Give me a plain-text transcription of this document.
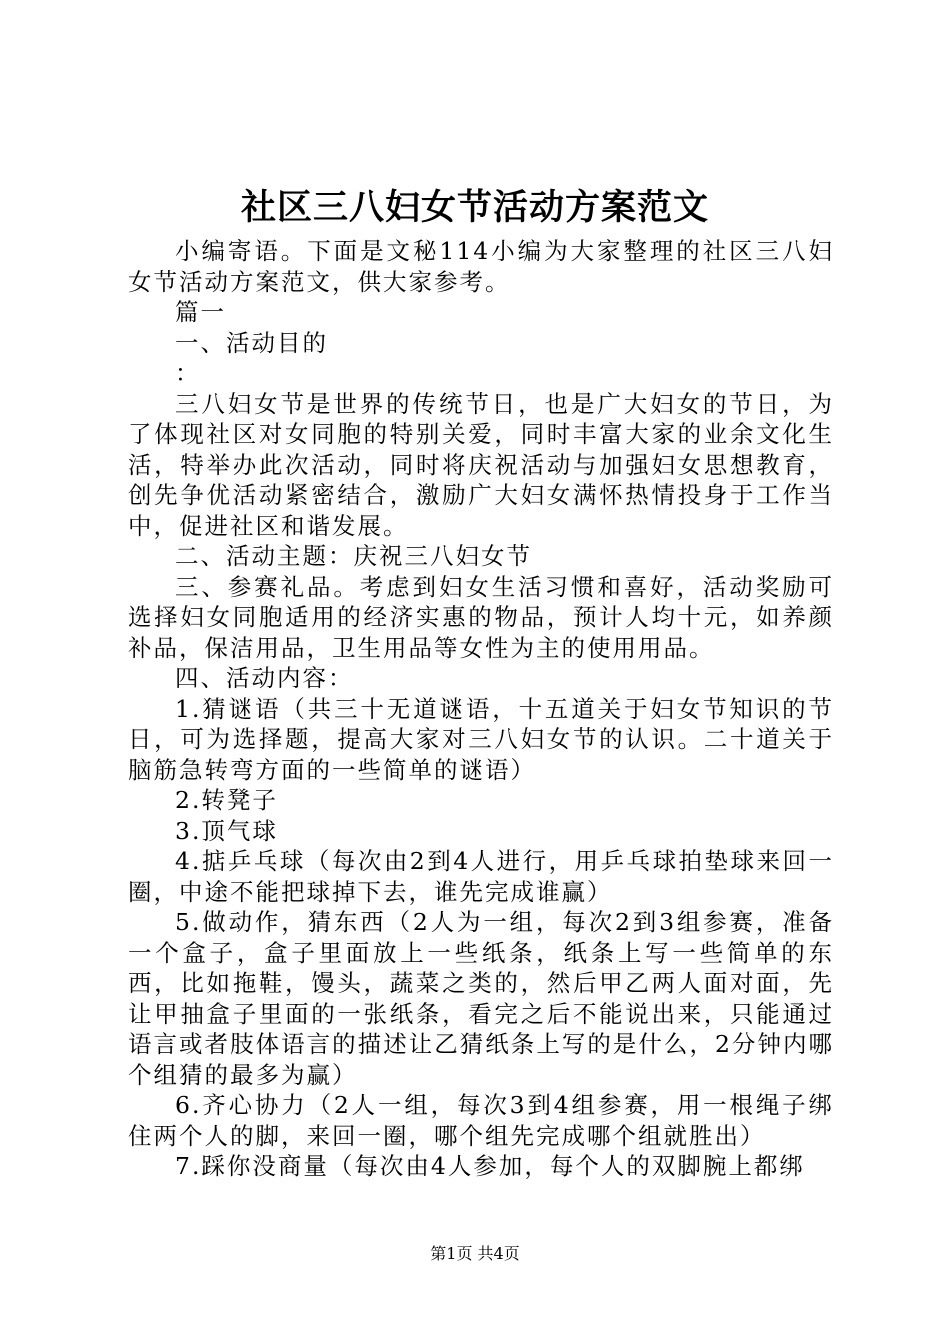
社区三八妇女节活动方案范文

小编寄语。下面是文秘114小编为大家整理的社区三八妇女节活动方案范文，供大家参考。

篇一

一、活动目的

：

三八妇女节是世界的传统节日，也是广大妇女的节日，为了体现社区对女同胞的特别关爱，同时丰富大家的业余文化生活，特举办此次活动，同时将庆祝活动与加强妇女思想教育，创先争优活动紧密结合，激励广大妇女满怀热情投身于工作当中，促进社区和谐发展。

二、活动主题：庆祝三八妇女节

三、参赛礼品。考虑到妇女生活习惯和喜好，活动奖励可选择妇女同胞适用的经济实惠的物品，预计人均十元，如养颜补品，保洁用品，卫生用品等女性为主的使用用品。

四、活动内容：

1.猜谜语（共三十无道谜语，十五道关于妇女节知识的节日，可为选择题，提高大家对三八妇女节的认识。二十道关于脑筋急转弯方面的一些简单的谜语）

2.转凳子

3.顶气球

4.掂乒乓球（每次由2到4人进行，用乒乓球拍垫球来回一圈，中途不能把球掉下去，谁先完成谁赢）

5.做动作，猜东西（2人为一组，每次2到3组参赛，准备一个盒子，盒子里面放上一些纸条，纸条上写一些简单的东西，比如拖鞋，馒头，蔬菜之类的，然后甲乙两人面对面，先让甲抽盒子里面的一张纸条，看完之后不能说出来，只能通过语言或者肢体语言的描述让乙猜纸条上写的是什么，2分钟内哪个组猜的最多为赢）

6.齐心协力（2人一组，每次3到4组参赛，用一根绳子绑住两个人的脚，来回一圈，哪个组先完成哪个组就胜出）

7.踩你没商量（每次由4人参加，每个人的双脚腕上都绑

第1页 共4页
